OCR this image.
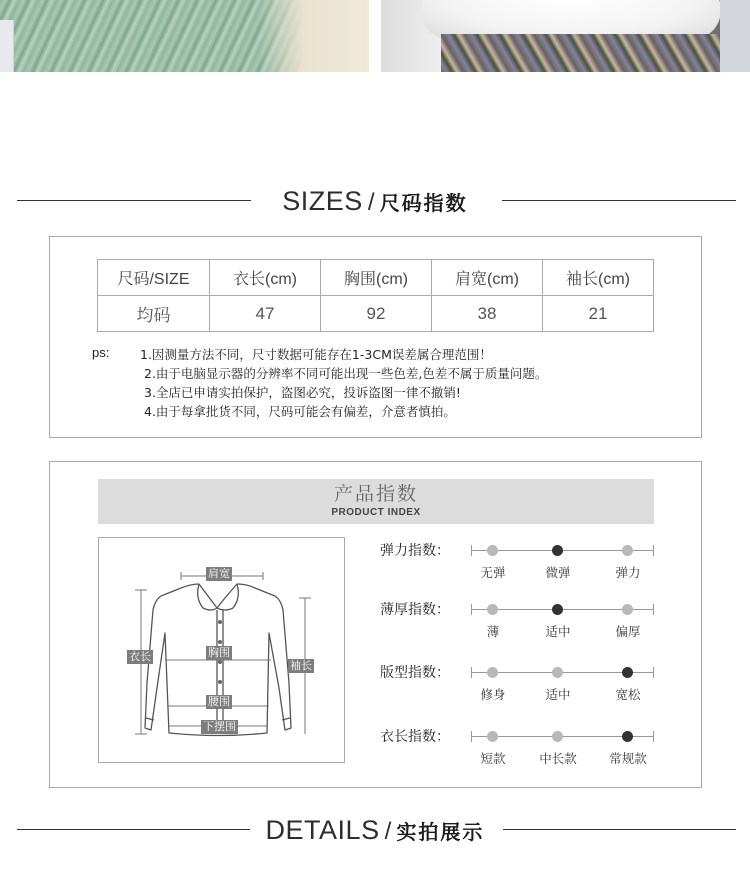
SIZES / 尺码指数
尺码/SIZE	衣长(cm)	胸围(cm)	肩宽(cm)	袖长(cm)
均码	47	92	38	21
ps: 1.因测量方法不同，尺寸数据可能存在1-3CM误差属合理范围！
2.由于电脑显示器的分辨率不同可能出现一些色差,色差不属于质量问题。
3.全店已申请实拍保护，盗图必究，投诉盗图一律不撤销!
4.由于每拿批货不同，尺码可能会有偏差，介意者慎拍。
产品指数
PRODUCT INDEX
肩宽
衣长	胸围
袖长
腰围
下摆围
弹力指数：
无弹	微弹	弹力
薄厚指数：
薄	适中	偏厚
版型指数：
修身	适中	宽松
衣长指数：
短款	中长款	常规款
DETAILS / 实拍展示
